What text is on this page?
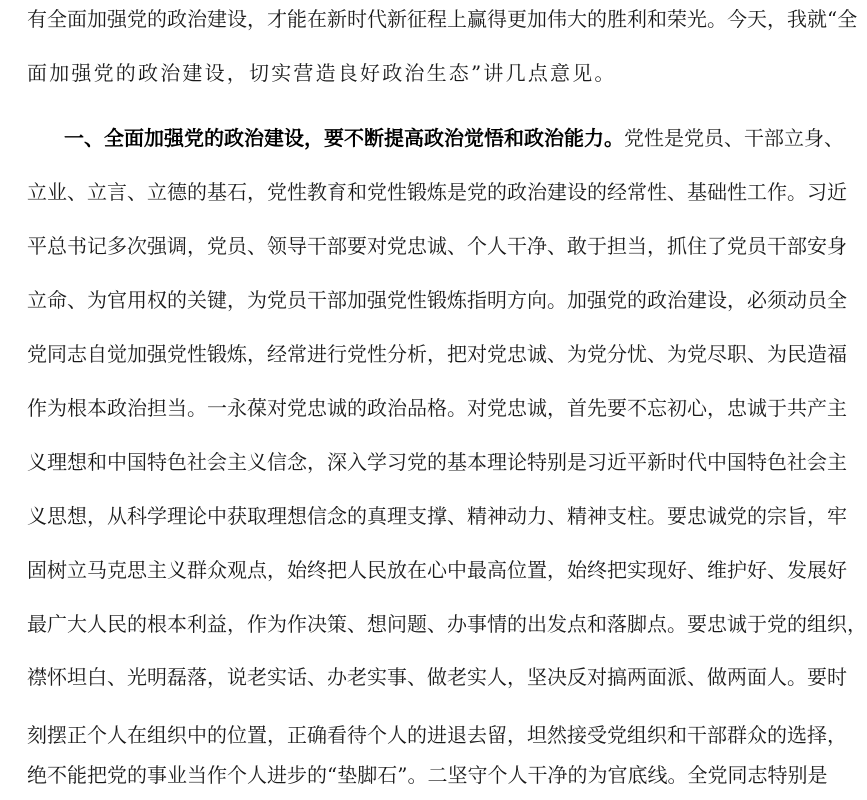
有全面加强党的政治建设，才能在新时代新征程上赢得更加伟大的胜利和荣光。今天，我就“全
面加强党的政治建设，切实营造良好政治生态”讲几点意见。
一、全面加强党的政治建设，要不断提高政治觉悟和政治能力。党性是党员、干部立身、
立业、立言、立德的基石，党性教育和党性锻炼是党的政治建设的经常性、基础性工作。习近
平总书记多次强调，党员、领导干部要对党忠诚、个人干净、敢于担当，抓住了党员干部安身
立命、为官用权的关键，为党员干部加强党性锻炼指明方向。加强党的政治建设，必须动员全
党同志自觉加强党性锻炼，经常进行党性分析，把对党忠诚、为党分忧、为党尽职、为民造福
作为根本政治担当。一永葆对党忠诚的政治品格。对党忠诚，首先要不忘初心，忠诚于共产主
义理想和中国特色社会主义信念，深入学习党的基本理论特别是习近平新时代中国特色社会主
义思想，从科学理论中获取理想信念的真理支撑、精神动力、精神支柱。要忠诚党的宗旨，牢
固树立马克思主义群众观点，始终把人民放在心中最高位置，始终把实现好、维护好、发展好
最广大人民的根本利益，作为作决策、想问题、办事情的出发点和落脚点。要忠诚于党的组织，
襟怀坦白、光明磊落，说老实话、办老实事、做老实人，坚决反对搞两面派、做两面人。要时
刻摆正个人在组织中的位置，正确看待个人的进退去留，坦然接受党组织和干部群众的选择，
绝不能把党的事业当作个人进步的“垫脚石”。二坚守个人干净的为官底线。全党同志特别是
